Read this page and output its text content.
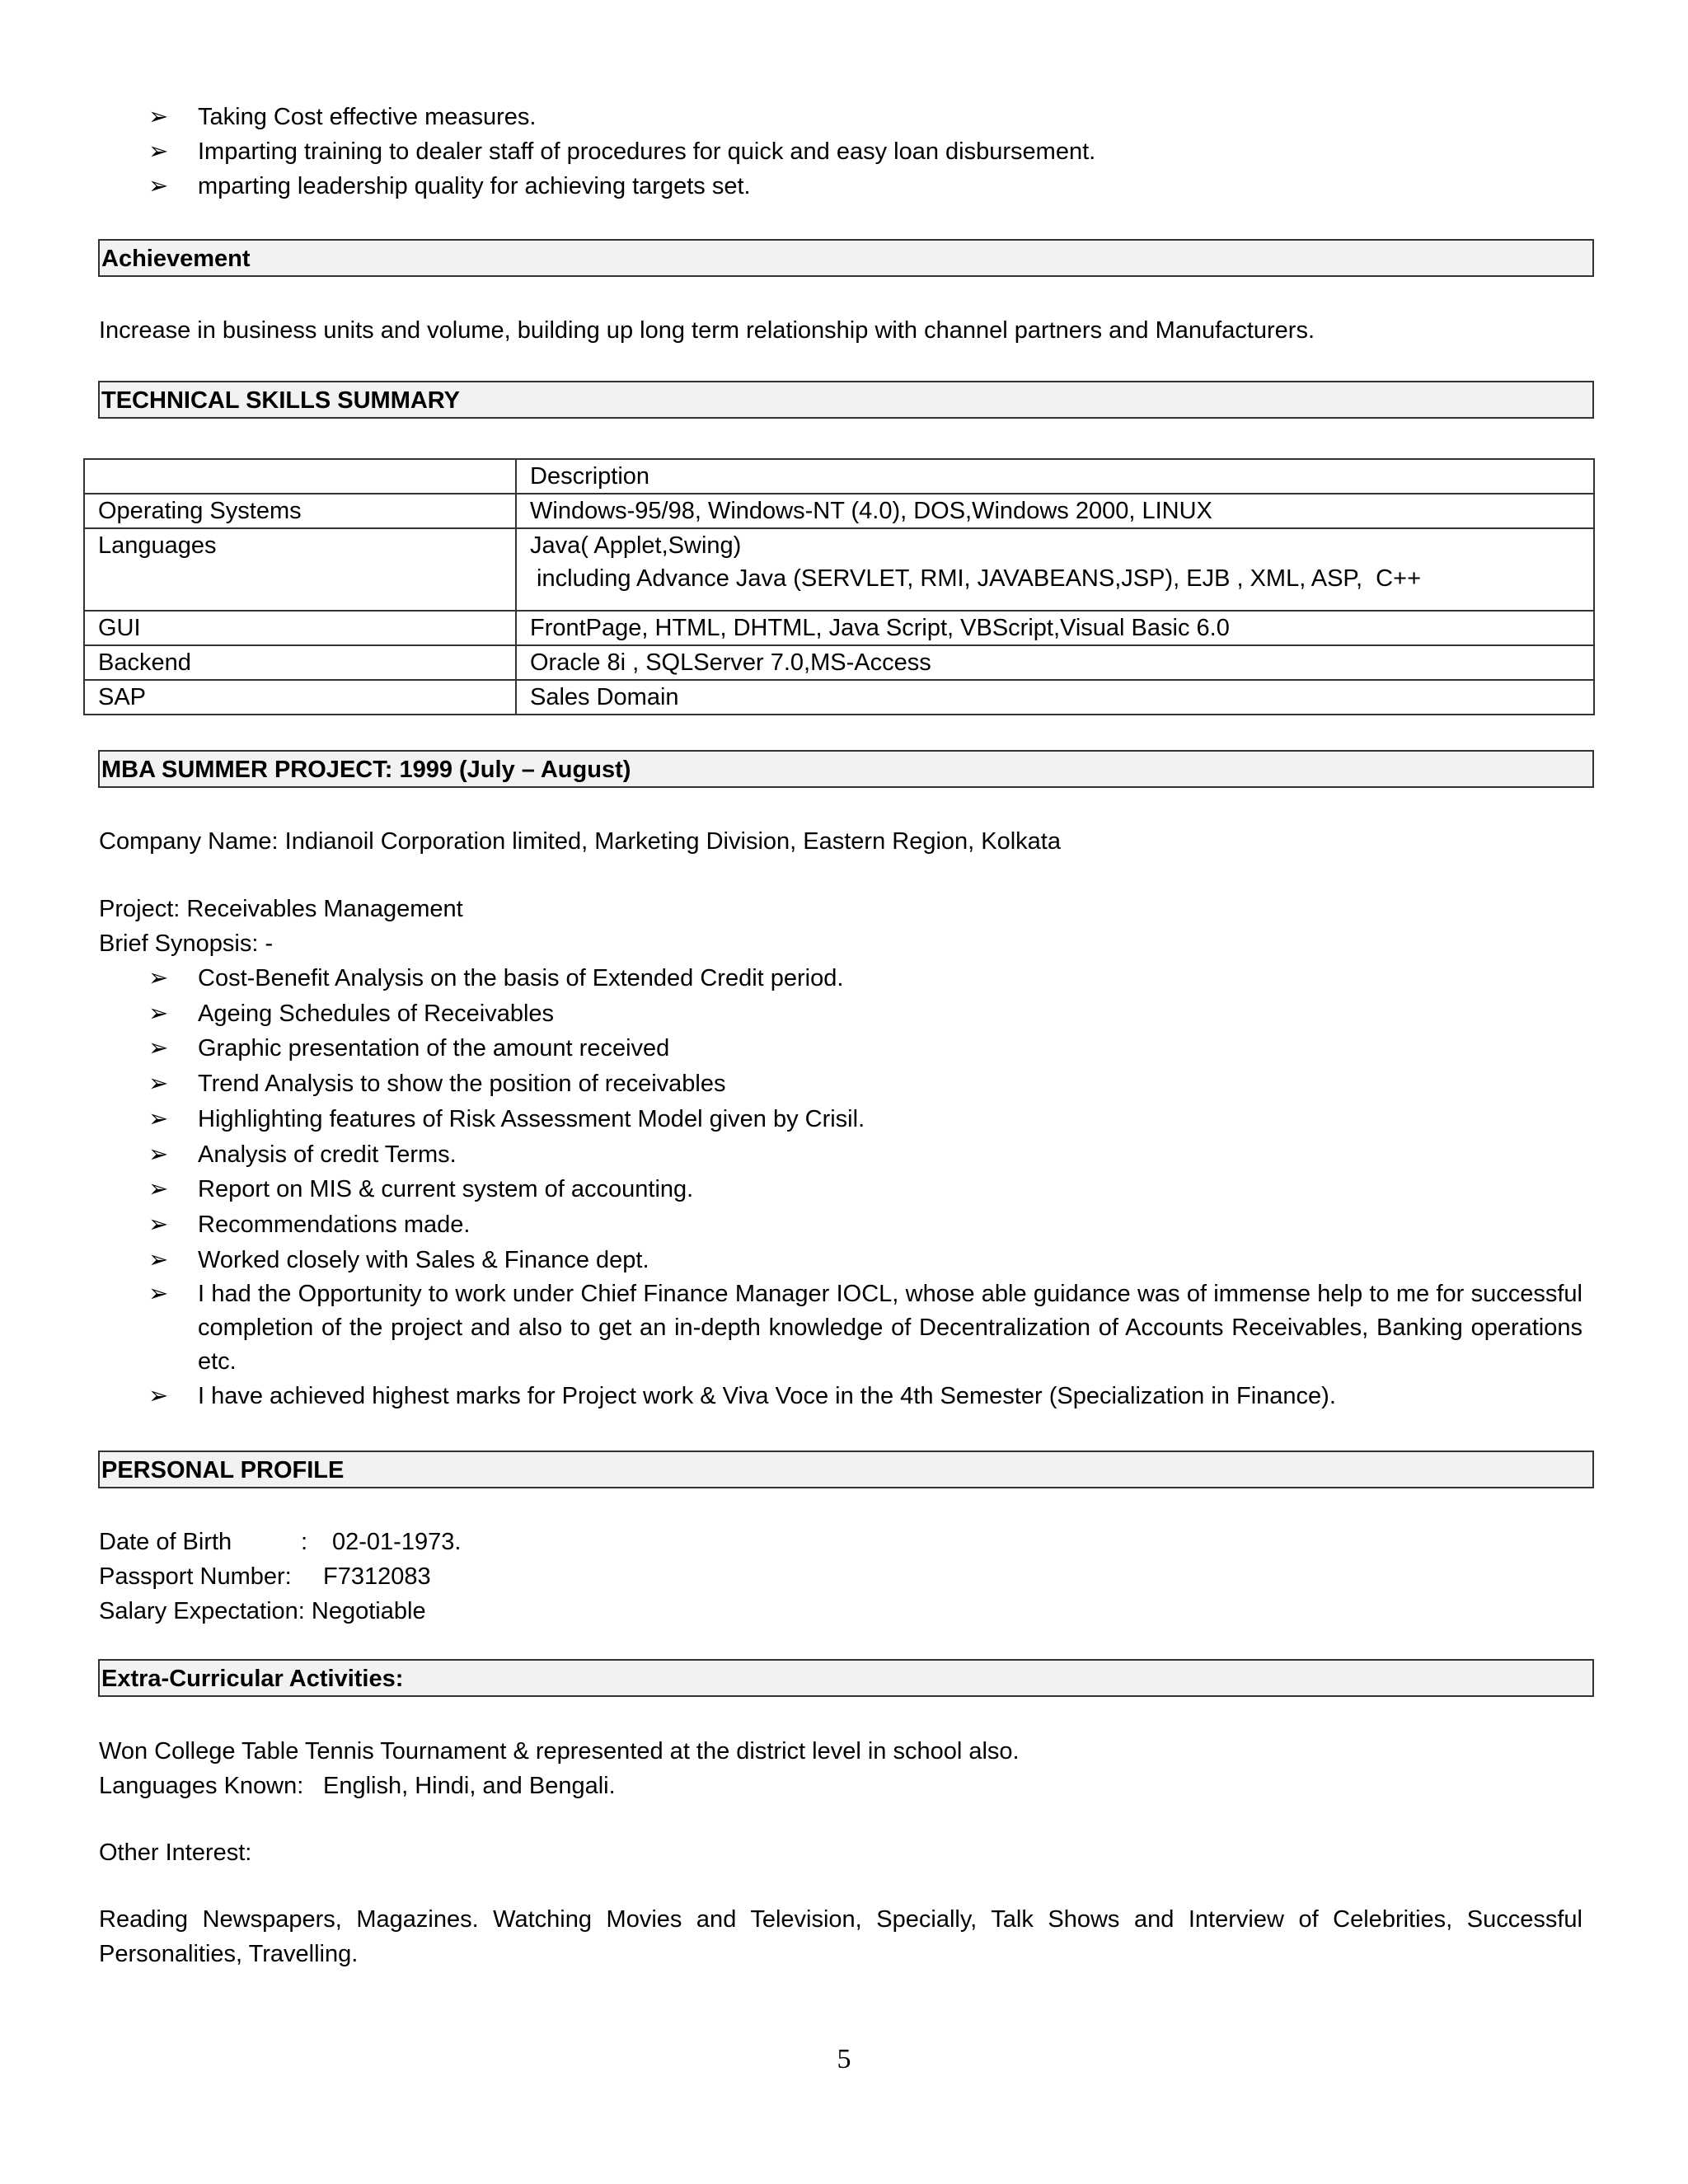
➢	Taking Cost effective measures.
➢	Imparting training to dealer staff of procedures for quick and easy loan disbursement.
➢	mparting leadership quality for achieving targets set.
Achievement
Increase in business units and volume, building up long term relationship with channel partners and Manufacturers.
TECHNICAL SKILLS SUMMARY
	Description
Operating Systems	Windows-95/98, Windows-NT (4.0), DOS,Windows 2000, LINUX
Languages	Java( Applet,Swing)
including Advance Java (SERVLET, RMI, JAVABEANS,JSP), EJB , XML, ASP,  C++

GUI	FrontPage, HTML, DHTML, Java Script, VBScript,Visual Basic 6.0
Backend	Oracle 8i , SQLServer 7.0,MS-Access
SAP	Sales Domain
MBA SUMMER PROJECT: 1999 (July – August)
Company Name: Indianoil Corporation limited, Marketing Division, Eastern Region, Kolkata
Project: Receivables Management
Brief Synopsis: -
➢	Cost-Benefit Analysis on the basis of Extended Credit period.
➢	Ageing Schedules of Receivables
➢	Graphic presentation of the amount received
➢	Trend Analysis to show the position of receivables
➢	Highlighting features of Risk Assessment Model given by Crisil.
➢	Analysis of credit Terms.
➢	Report on MIS & current system of accounting.
➢	Recommendations made.
➢	Worked closely with Sales & Finance dept.
➢	I had the Opportunity to work under Chief Finance Manager IOCL, whose able guidance was of immense help to me for successful completion of the project and also to get an in-depth knowledge of Decentralization of Accounts Receivables, Banking operations etc.
➢	I have achieved highest marks for Project work & Viva Voce in the 4th Semester (Specialization in Finance).
PERSONAL PROFILE
Date of Birth	: 02-01-1973.
Passport Number: F7312083
Salary Expectation: Negotiable
Extra-Curricular Activities:
Won College Table Tennis Tournament & represented at the district level in school also.
Languages Known: English, Hindi, and Bengali.
Other Interest:
Reading Newspapers, Magazines. Watching Movies and Television, Specially, Talk Shows and Interview of Celebrities, Successful Personalities, Travelling.
5
